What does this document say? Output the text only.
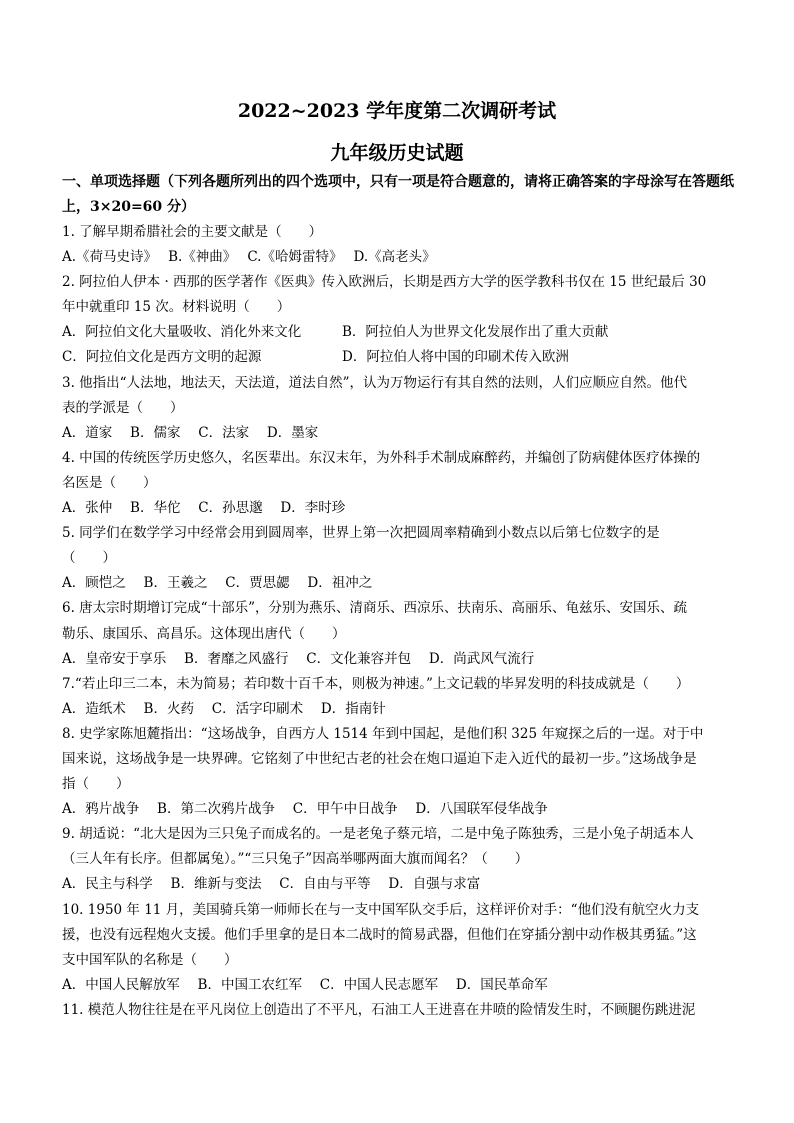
2022~2023 学年度第二次调研考试
九年级历史试题
一、单项选择题（下列各题所列出的四个选项中，只有一项是符合题意的，请将正确答案的字母涂写在答题纸上，3×20=60 分）

1. 了解早期希腊社会的主要文献是（　　）

A.《荷马史诗》　 B.《神曲》　 C.《哈姆雷特》　 D.《高老头》

2. 阿拉伯人伊本 · 西那的医学著作《医典》传入欧洲后，长期是西方大学的医学教科书仅在 15 世纪最后 30

年中就重印 15 次。材料说明（　　）

A．阿拉伯文化大量吸收、消化外来文化	B．阿拉伯人为世界文化发展作出了重大贡献
C．阿拉伯文化是西方文明的起源	D．阿拉伯人将中国的印刷术传入欧洲

3. 他指出“人法地，地法天，天法道，道法自然”，认为万物运行有其自然的法则，人们应顺应自然。他代

表的学派是（　　）

A．道家　 B．儒家　 C．法家　 D．墨家

4. 中国的传统医学历史悠久，名医辈出。东汉末年，为外科手术制成麻醉药，并编创了防病健体医疗体操的

名医是（　　）

A．张仲　 B．华佗　 C．孙思邈　 D．李时珍

5. 同学们在数学学习中经常会用到圆周率，世界上第一次把圆周率精确到小数点以后第七位数字的是

（　　）

A．顾恺之　 B．王羲之　 C．贾思勰　 D．祖冲之

6. 唐太宗时期增订完成“十部乐”，分别为燕乐、清商乐、西凉乐、扶南乐、高丽乐、龟兹乐、安国乐、疏

勒乐、康国乐、高昌乐。这体现出唐代（　　）

A．皇帝安于享乐　 B．奢靡之风盛行　 C．文化兼容并包　 D．尚武风气流行

7.“若止印三二本，未为简易；若印数十百千本，则极为神速。”上文记载的毕昇发明的科技成就是（　　）

A．造纸术　 B．火药　 C．活字印刷术　 D．指南针

8. 史学家陈旭麓指出：“这场战争，自西方人 1514 年到中国起，是他们积 325 年窥探之后的一逞。对于中

国来说，这场战争是一块界碑。它铭刻了中世纪古老的社会在炮口逼迫下走入近代的最初一步。”这场战争是

指（　　）

A．鸦片战争　 B．第二次鸦片战争　 C．甲午中日战争　 D．八国联军侵华战争

9. 胡适说：“北大是因为三只兔子而成名的。一是老兔子蔡元培，二是中兔子陈独秀，三是小兔子胡适本人

（三人年有长序。但都属兔）。”“三只兔子”因高举哪两面大旗而闻名？（　　）

A．民主与科学　 B．维新与变法　 C．自由与平等　 D．自强与求富

10. 1950 年 11 月，美国骑兵第一师师长在与一支中国军队交手后，这样评价对手：“他们没有航空火力支

援，也没有远程炮火支援。他们手里拿的是日本二战时的简易武器，但他们在穿插分割中动作极其勇猛。”这

支中国军队的名称是（　　）

A．中国人民解放军　 B．中国工农红军　 C．中国人民志愿军　 D．国民革命军

11. 模范人物往往是在平凡岗位上创造出了不平凡，石油工人王进喜在井喷的险情发生时，不顾腿伤跳进泥
